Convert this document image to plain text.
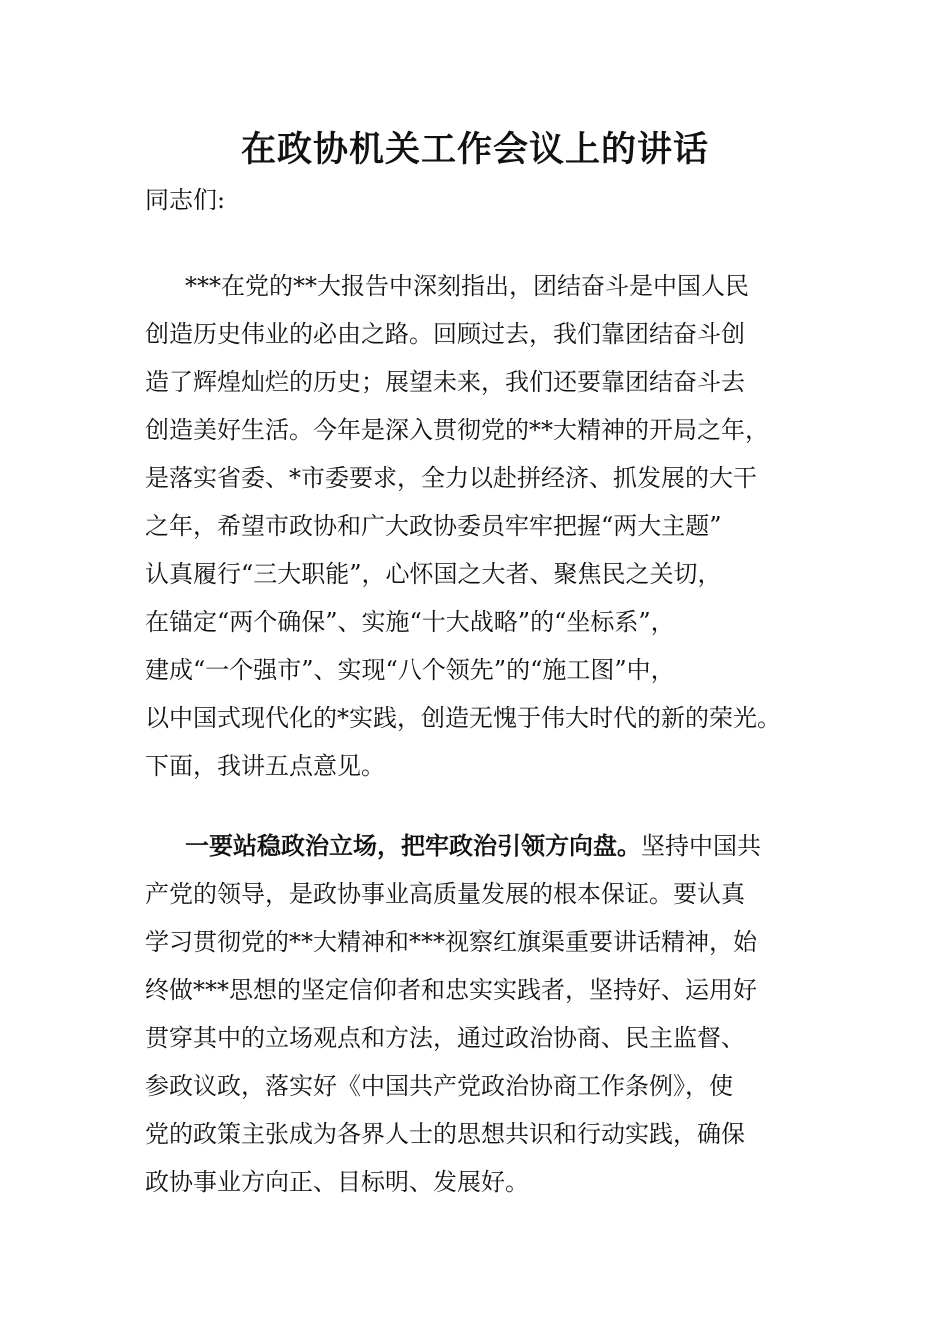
在政协机关工作会议上的讲话
同志们:
***在党的**大报告中深刻指出，团结奋斗是中国人民
创造历史伟业的必由之路。回顾过去，我们靠团结奋斗创
造了辉煌灿烂的历史；展望未来，我们还要靠团结奋斗去
创造美好生活。今年是深入贯彻党的**大精神的开局之年，
是落实省委、*市委要求，全力以赴拼经济、抓发展的大干
之年，希望市政协和广大政协委员牢牢把握“两大主题”
认真履行“三大职能”，心怀国之大者、聚焦民之关切，
在锚定“两个确保”、实施“十大战略”的“坐标系”，
建成“一个强市”、实现“八个领先”的“施工图”中，
以中国式现代化的*实践，创造无愧于伟大时代的新的荣光。
下面，我讲五点意见。
一要站稳政治立场，把牢政治引领方向盘。坚持中国共
产党的领导，是政协事业高质量发展的根本保证。要认真
学习贯彻党的**大精神和***视察红旗渠重要讲话精神，始
终做***思想的坚定信仰者和忠实实践者，坚持好、运用好
贯穿其中的立场观点和方法，通过政治协商、民主监督、
参政议政，落实好《中国共产党政治协商工作条例》，使
党的政策主张成为各界人士的思想共识和行动实践，确保
政协事业方向正、目标明、发展好。
